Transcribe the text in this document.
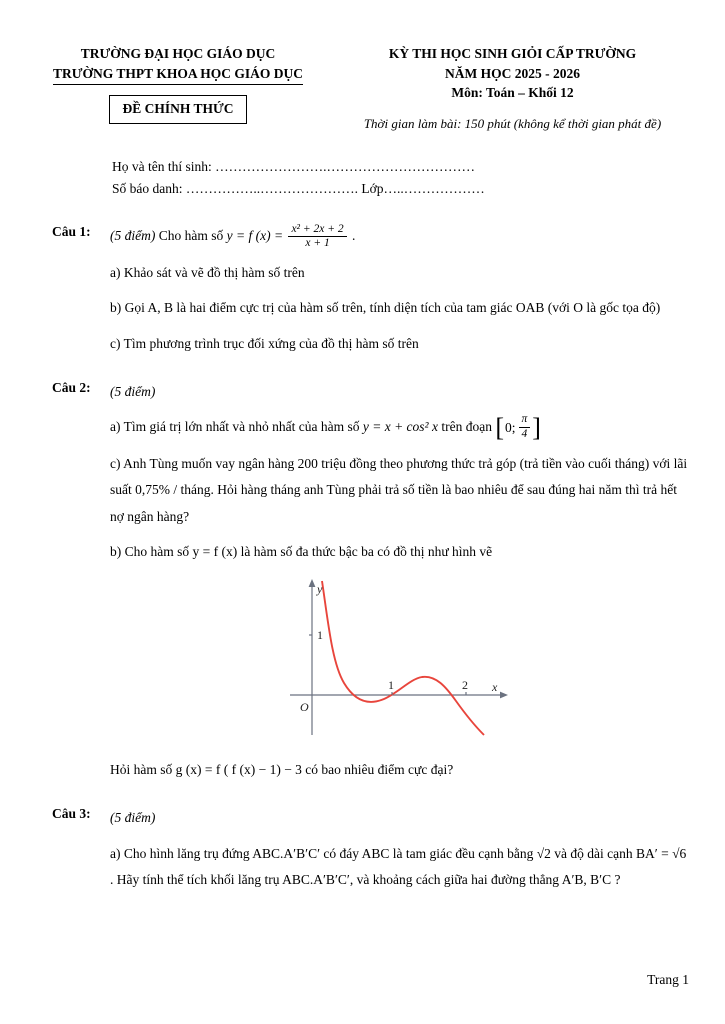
TRƯỜNG ĐẠI HỌC GIÁO DỤC
TRƯỜNG THPT KHOA HỌC GIÁO DỤC
ĐỀ CHÍNH THỨC
KỲ THI HỌC SINH GIỎI CẤP TRƯỜNG
NĂM HỌC 2025 - 2026
Môn: Toán – Khối 12
Thời gian làm bài: 150 phút (không kể thời gian phát đề)
Họ và tên thí sinh: …………………….……………………………
Số báo danh: ……………..…………………. Lớp…..………………
Câu 1:	(5 điểm) Cho hàm số y = f $(x) = \frac{\text{x² + 2x + 2}}{x + 1}$ .

a) Khảo sát và vẽ đồ thị hàm số trên

b) Gọi A, B là hai điểm cực trị của hàm số trên, tính diện tích của tam giác OAB (với O là gốc tọa độ)

c) Tìm phương trình trục đối xứng của đồ thị hàm số trên

Câu 2:	(5 điểm)

a) Tìm giá trị lớn nhất và nhỏ nhất của hàm số y = x + cos² x trên đoạn [ 0; $\frac{\pi}{4}$ ]

c) Anh Tùng muốn vay ngân hàng 200 triệu đồng theo phương thức trả góp (trả tiền vào cuối tháng) với lãi suất 0,75% / tháng. Hỏi hàng tháng anh Tùng phải trả số tiền là bao nhiêu để sau đúng hai năm thì trả hết nợ ngân hàng?

b) Cho hàm số y = f (x) là hàm số đa thức bậc ba có đồ thị như hình vẽ

1
1	2
O
x
y

Hỏi hàm số g (x) = f ( f (x) − 1) − 3 có bao nhiêu điểm cực đại?

Câu 3:	(5 điểm)

a) Cho hình lăng trụ đứng ABC.A′B′C′ có đáy ABC là tam giác đều cạnh bằng √2 và độ dài cạnh BA′ = √6 . Hãy tính thể tích khối lăng trụ ABC.A′B′C′, và khoảng cách giữa hai đường thẳng A′B, B′C ?

Trang 1
